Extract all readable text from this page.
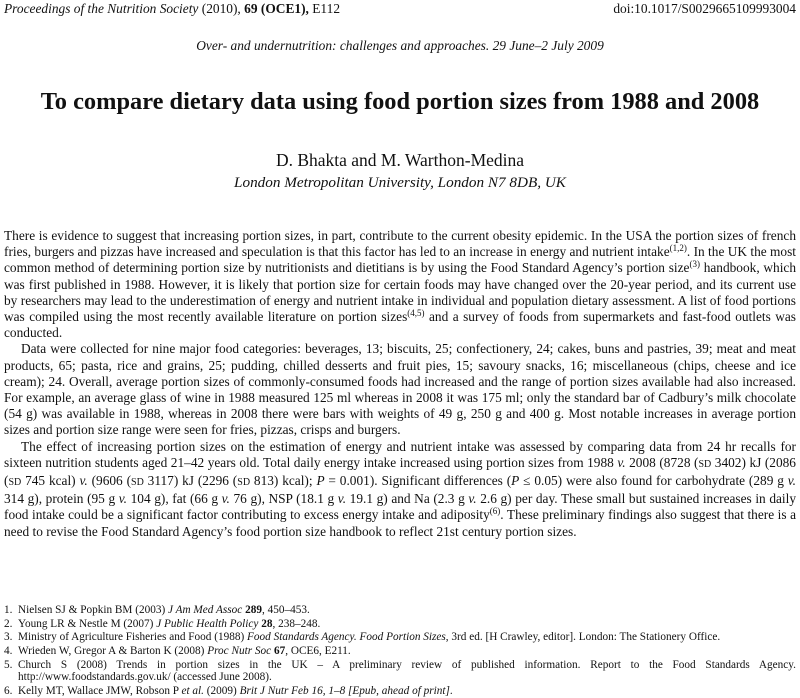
Proceedings of the Nutrition Society (2010), 69 (OCE1), E112	doi:10.1017/S0029665109993004
Over- and undernutrition: challenges and approaches. 29 June–2 July 2009
To compare dietary data using food portion sizes from 1988 and 2008
D. Bhakta and M. Warthon-Medina
London Metropolitan University, London N7 8DB, UK

There is evidence to suggest that increasing portion sizes, in part, contribute to the current obesity epidemic. In the USA the portion sizes of french fries, burgers and pizzas have increased and speculation is that this factor has led to an increase in energy and nutrient intake$^{(1,2)}$. In the UK the most common method of determining portion size by nutritionists and dietitians is by using the Food Standard Agency’s portion size$^{(3)}$ handbook, which was first published in 1988. However, it is likely that portion size for certain foods may have changed over the 20-year period, and its current use by researchers may lead to the underestimation of energy and nutrient intake in individual and population dietary assessment. A list of food portions was compiled using the most recently available literature on portion sizes$^{(4,5)}$ and a survey of foods from supermarkets and fast-food outlets was conducted.

Data were collected for nine major food categories: beverages, 13; biscuits, 25; confectionery, 24; cakes, buns and pastries, 39; meat and meat products, 65; pasta, rice and grains, 25; pudding, chilled desserts and fruit pies, 15; savoury snacks, 16; miscellaneous (chips, cheese and ice cream); 24. Overall, average portion sizes of commonly-consumed foods had increased and the range of portion sizes available had also increased. For example, an average glass of wine in 1988 measured 125 ml whereas in 2008 it was 175 ml; only the standard bar of Cadbury’s milk chocolate (54 g) was available in 1988, whereas in 2008 there were bars with weights of 49 g, 250 g and 400 g. Most notable increases in average portion sizes and portion size range were seen for fries, pizzas, crisps and burgers.

The effect of increasing portion sizes on the estimation of energy and nutrient intake was assessed by comparing data from 24 hr recalls for sixteen nutrition students aged 21–42 years old. Total daily energy intake increased using portion sizes from 1988 v. 2008 (8728 (SD 3402) kJ (2086 (SD 745 kcal) v. (9606 (SD 3117) kJ (2296 (SD 813) kcal); P = 0.001). Significant differences (P ≤ 0.05) were also found for carbohydrate (289 g v. 314 g), protein (95 g v. 104 g), fat (66 g v. 76 g), NSP (18.1 g v. 19.1 g) and Na (2.3 g v. 2.6 g) per day. These small but sustained increases in daily food intake could be a significant factor contributing to excess energy intake and adiposity$^{(6)}$. These preliminary findings also suggest that there is a need to revise the Food Standard Agency’s food portion size handbook to reflect 21st century portion sizes.

1. Nielsen SJ & Popkin BM (2003) J Am Med Assoc 289, 450–453.
2. Young LR & Nestle M (2007) J Public Health Policy 28, 238–248.
3. Ministry of Agriculture Fisheries and Food (1988) Food Standards Agency. Food Portion Sizes, 3rd ed. [H Crawley, editor]. London: The Stationery Office.
4. Wrieden W, Gregor A & Barton K (2008) Proc Nutr Soc 67, OCE6, E211.
5. Church S (2008) Trends in portion sizes in the UK – A preliminary review of published information. Report to the Food Standards Agency. http://www.foodstandards.gov.uk/ (accessed June 2008).
6. Kelly MT, Wallace JMW, Robson P et al. (2009) Brit J Nutr Feb 16, 1–8 [Epub, ahead of print].
